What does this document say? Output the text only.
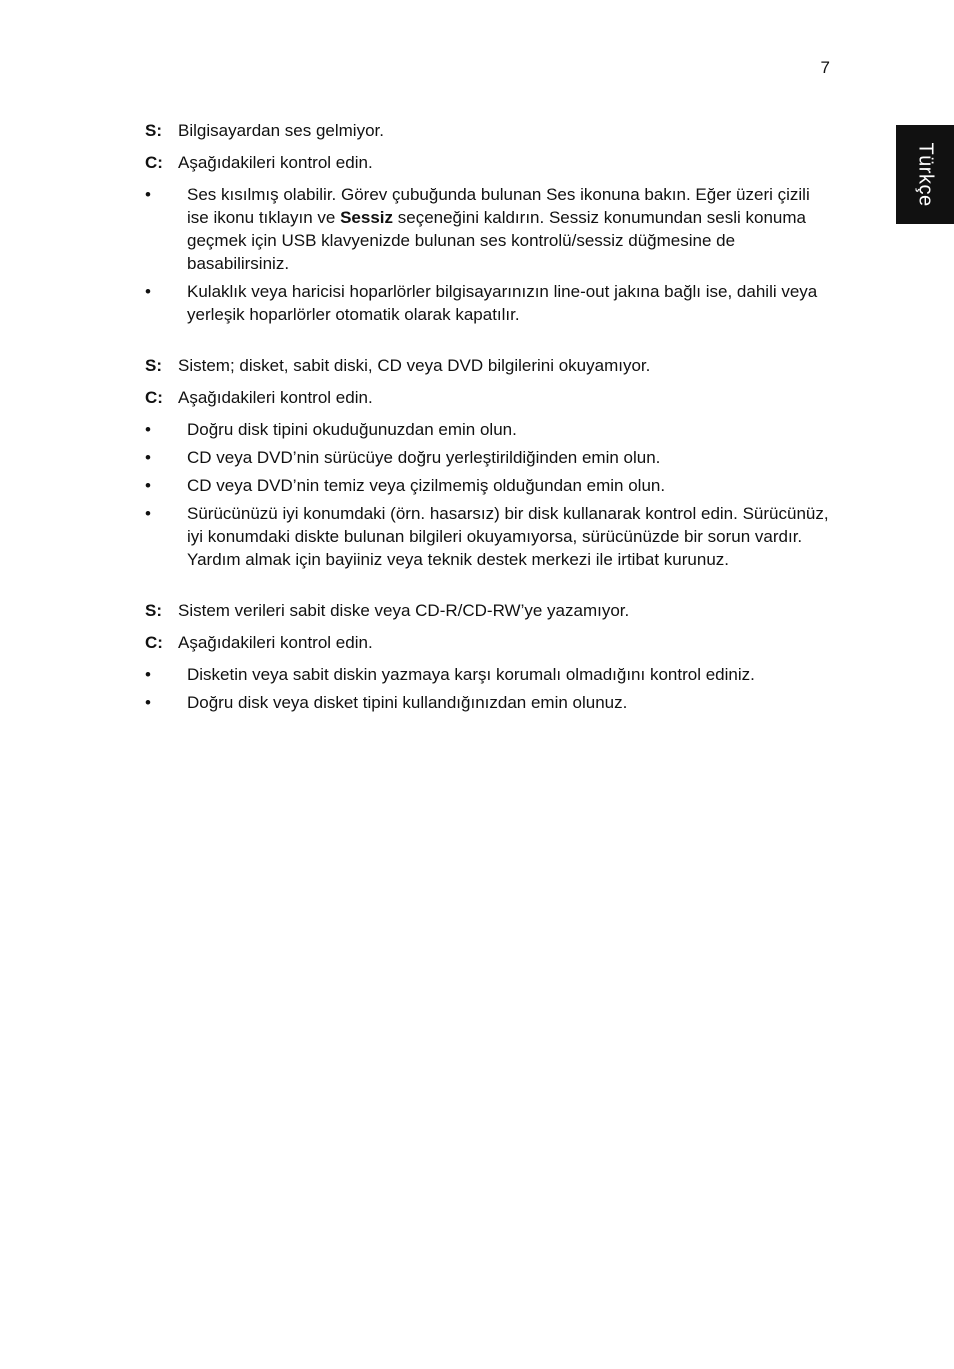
7
Türkçe
S: Bilgisayardan ses gelmiyor.
C: Aşağıdakileri kontrol edin.
•	Ses kısılmış olabilir. Görev çubuğunda bulunan Ses ikonuna bakın. Eğer üzeri çizili ise ikonu tıklayın ve Sessiz seçeneğini kaldırın. Sessiz konumundan sesli konuma geçmek için USB klavyenizde bulunan ses kontrolü/sessiz düğmesine de basabilirsiniz.
•	Kulaklık veya haricisi hoparlörler bilgisayarınızın line-out jakına bağlı ise, dahili veya yerleşik hoparlörler otomatik olarak kapatılır.
S: Sistem; disket, sabit diski, CD veya DVD bilgilerini okuyamıyor.
C: Aşağıdakileri kontrol edin.
•	Doğru disk tipini okuduğunuzdan emin olun.
•	CD veya DVD’nin sürücüye doğru yerleştirildiğinden emin olun.
•	CD veya DVD’nin temiz veya çizilmemiş olduğundan emin olun.
•	Sürücünüzü iyi konumdaki (örn. hasarsız) bir disk kullanarak kontrol edin. Sürücünüz, iyi konumdaki diskte bulunan bilgileri okuyamıyorsa, sürücünüzde bir sorun vardır. Yardım almak için bayiiniz veya teknik destek merkezi ile irtibat kurunuz.
S: Sistem verileri sabit diske veya CD-R/CD-RW’ye yazamıyor.
C: Aşağıdakileri kontrol edin.
•	Disketin veya sabit diskin yazmaya karşı korumalı olmadığını kontrol ediniz.
•	Doğru disk veya disket tipini kullandığınızdan emin olunuz.
